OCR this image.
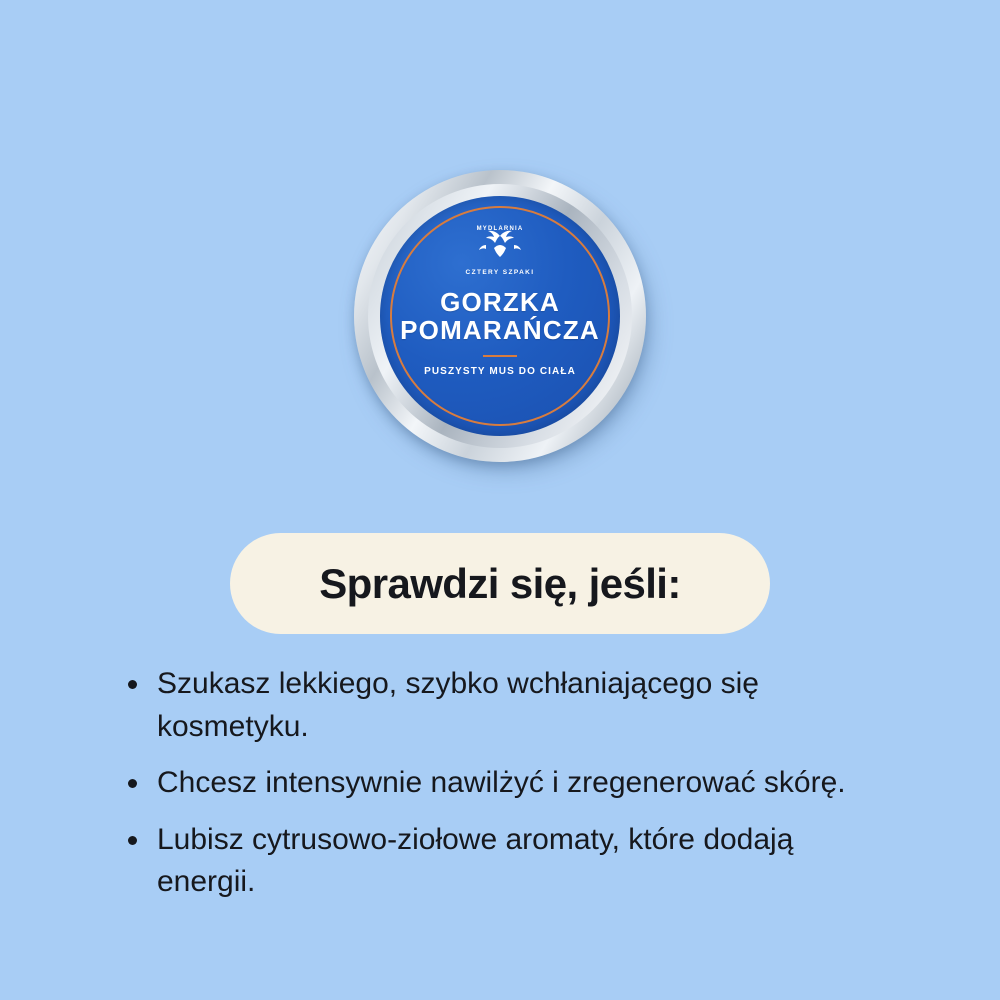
MYDLARNIA
CZTERY SZPAKI
GORZKA
POMARAŃCZA
PUSZYSTY MUS DO CIAŁA
Sprawdzi się, jeśli:
Szukasz lekkiego, szybko wchłaniającego się kosmetyku.
Chcesz intensywnie nawilżyć i zregenerować skórę.
Lubisz cytrusowo-ziołowe aromaty, które dodają energii.
